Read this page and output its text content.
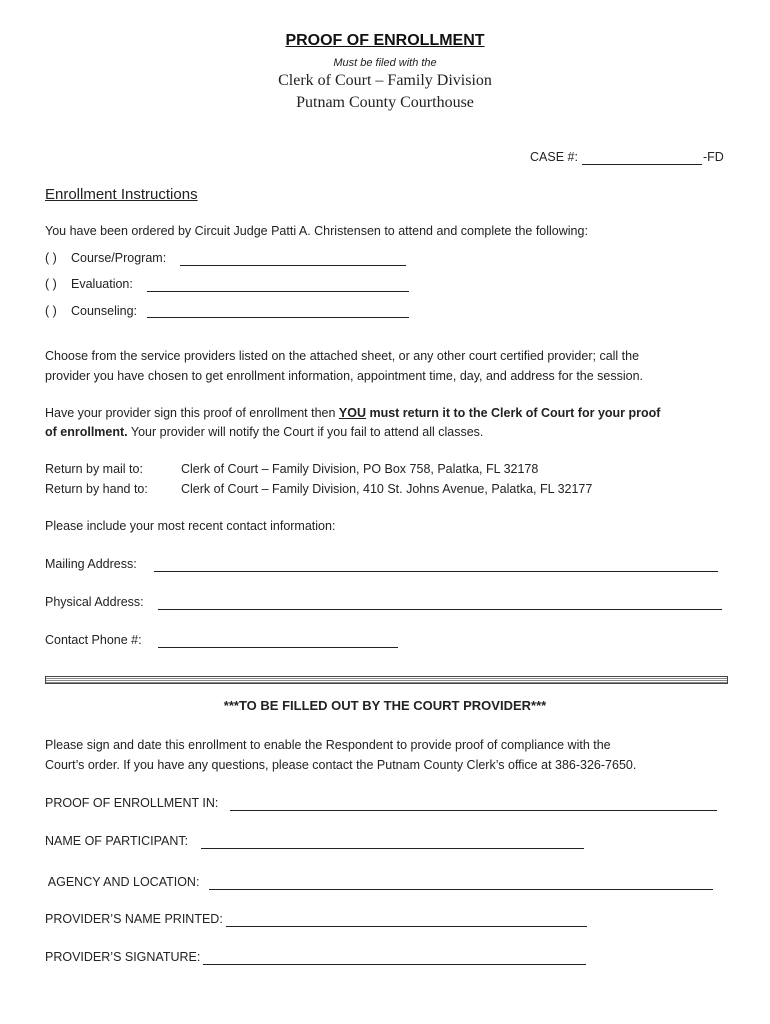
PROOF OF ENROLLMENT
Must be filed with the
Clerk of Court – Family Division
Putnam County Courthouse
CASE #:	-FD
Enrollment Instructions
You have been ordered by Circuit Judge Patti A. Christensen to attend and complete the following:
( ) Course/Program:
( ) Evaluation:
( ) Counseling:
Choose from the service providers listed on the attached sheet, or any other court certified provider; call the
provider you have chosen to get enrollment information, appointment time, day, and address for the session.
Have your provider sign this proof of enrollment then YOU must return it to the Clerk of Court for your proof
of enrollment. Your provider will notify the Court if you fail to attend all classes.
Return by mail to:	Clerk of Court – Family Division, PO Box 758, Palatka, FL 32178
Return by hand to:	Clerk of Court – Family Division, 410 St. Johns Avenue, Palatka, FL 32177
Please include your most recent contact information:
Mailing Address:
Physical Address:
Contact Phone #:
***TO BE FILLED OUT BY THE COURT PROVIDER***
Please sign and date this enrollment to enable the Respondent to provide proof of compliance with the
Court’s order. If you have any questions, please contact the Putnam County Clerk’s office at 386-326-7650.
PROOF OF ENROLLMENT IN:
NAME OF PARTICIPANT:
AGENCY AND LOCATION:
PROVIDER’S NAME PRINTED:
PROVIDER’S SIGNATURE:
